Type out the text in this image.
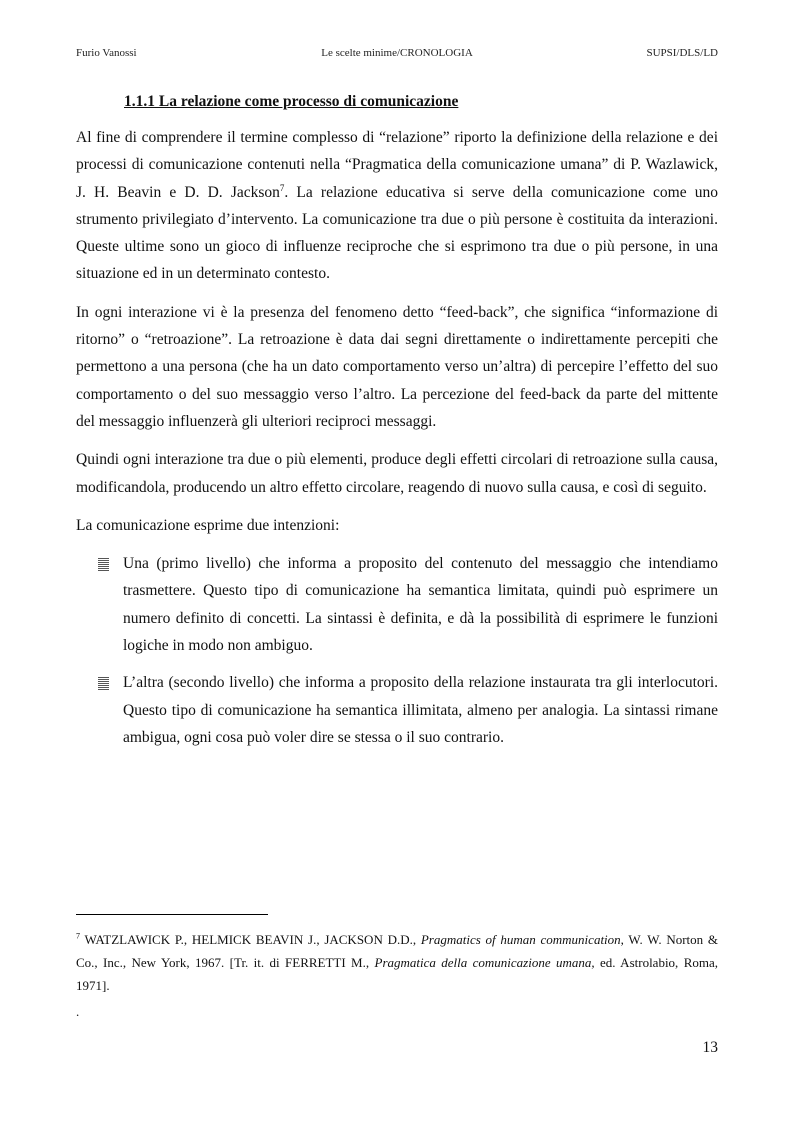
Furio Vanossi	Le scelte minime/CRONOLOGIA	SUPSI/DLS/LD
1.1.1 La relazione come processo di comunicazione

Al fine di comprendere il termine complesso di “relazione” riporto la definizione della relazione e dei processi di comunicazione contenuti nella “Pragmatica della comunicazione umana” di P. Wazlawick, J. H. Beavin e D. D. Jackson$^7$. La relazione educativa si serve della comunicazione come uno strumento privilegiato d’intervento. La comunicazione tra due o più persone è costituita da interazioni. Queste ultime sono un gioco di influenze reciproche che si esprimono tra due o più persone, in una situazione ed in un determinato contesto.

In ogni interazione vi è la presenza del fenomeno detto “feed-back”, che significa “informazione di ritorno” o “retroazione”. La retroazione è data dai segni direttamente o indirettamente percepiti che permettono a una persona (che ha un dato comportamento verso un’altra) di percepire l’effetto del suo comportamento o del suo messaggio verso l’altro. La percezione del feed-back da parte del mittente del messaggio influenzerà gli ulteriori reciproci messaggi.

Quindi ogni interazione tra due o più elementi, produce degli effetti circolari di retroazione sulla causa, modificandola, producendo un altro effetto circolare, reagendo di nuovo sulla causa, e così di seguito.

La comunicazione esprime due intenzioni:

Una (primo livello) che informa a proposito del contenuto del messaggio che intendiamo trasmettere. Questo tipo di comunicazione ha semantica limitata, quindi può esprimere un numero definito di concetti. La sintassi è definita, e dà la possibilità di esprimere le funzioni logiche in modo non ambiguo.
L’altra (secondo livello) che informa a proposito della relazione instaurata tra gli interlocutori. Questo tipo di comunicazione ha semantica illimitata, almeno per analogia. La sintassi rimane ambigua, ogni cosa può voler dire se stessa o il suo contrario.
$^7$ WATZLAWICK P., HELMICK BEAVIN J., JACKSON D.D., Pragmatics of human communication, W. W. Norton & Co., Inc., New York, 1967. [Tr. it. di FERRETTI M., Pragmatica della comunicazione umana, ed. Astrolabio, Roma, 1971].
.
13
